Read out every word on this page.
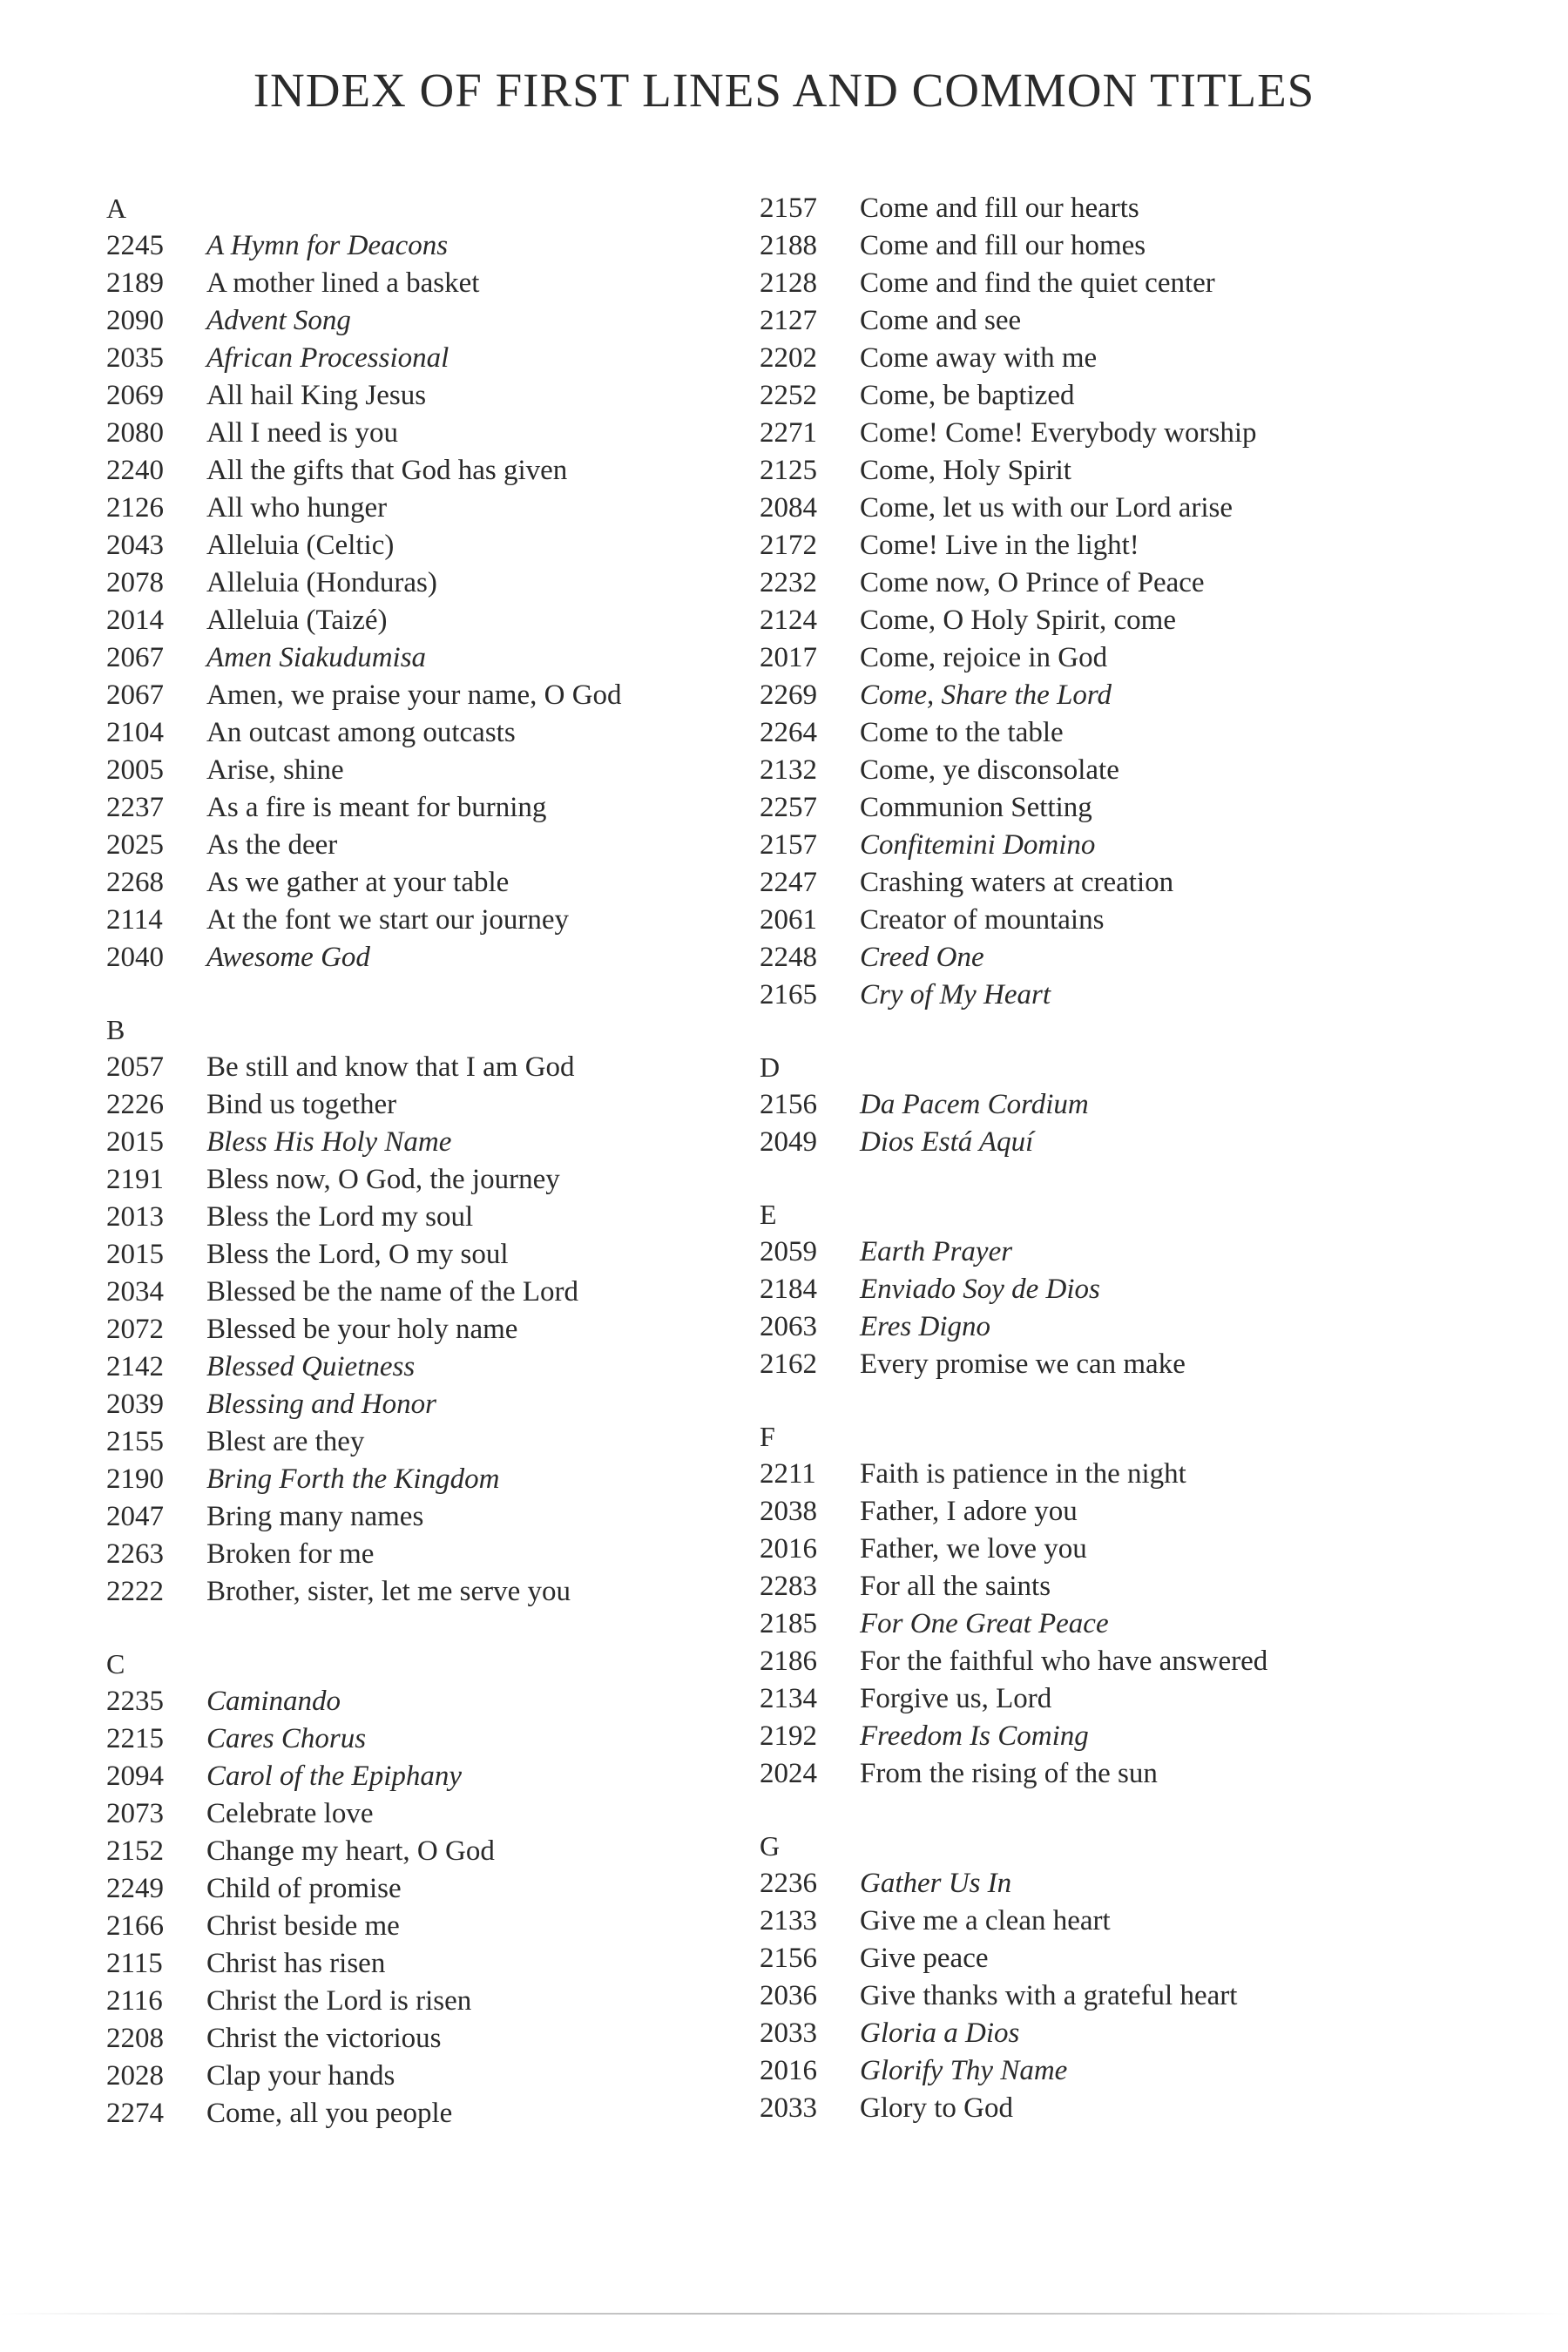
INDEX OF FIRST LINES AND COMMON TITLES
A
2245	A Hymn for Deacons
2189	A mother lined a basket
2090	Advent Song
2035	African Processional
2069	All hail King Jesus
2080	All I need is you
2240	All the gifts that God has given
2126	All who hunger
2043	Alleluia (Celtic)
2078	Alleluia (Honduras)
2014	Alleluia (Taizé)
2067	Amen Siakudumisa
2067	Amen, we praise your name, O God
2104	An outcast among outcasts
2005	Arise, shine
2237	As a fire is meant for burning
2025	As the deer
2268	As we gather at your table
2114	At the font we start our journey
2040	Awesome God
B
2057	Be still and know that I am God
2226	Bind us together
2015	Bless His Holy Name
2191	Bless now, O God, the journey
2013	Bless the Lord my soul
2015	Bless the Lord, O my soul
2034	Blessed be the name of the Lord
2072	Blessed be your holy name
2142	Blessed Quietness
2039	Blessing and Honor
2155	Blest are they
2190	Bring Forth the Kingdom
2047	Bring many names
2263	Broken for me
2222	Brother, sister, let me serve you
C
2235	Caminando
2215	Cares Chorus
2094	Carol of the Epiphany
2073	Celebrate love
2152	Change my heart, O God
2249	Child of promise
2166	Christ beside me
2115	Christ has risen
2116	Christ the Lord is risen
2208	Christ the victorious
2028	Clap your hands
2274	Come, all you people
2157	Come and fill our hearts
2188	Come and fill our homes
2128	Come and find the quiet center
2127	Come and see
2202	Come away with me
2252	Come, be baptized
2271	Come! Come! Everybody worship
2125	Come, Holy Spirit
2084	Come, let us with our Lord arise
2172	Come! Live in the light!
2232	Come now, O Prince of Peace
2124	Come, O Holy Spirit, come
2017	Come, rejoice in God
2269	Come, Share the Lord
2264	Come to the table
2132	Come, ye disconsolate
2257	Communion Setting
2157	Confitemini Domino
2247	Crashing waters at creation
2061	Creator of mountains
2248	Creed One
2165	Cry of My Heart
D
2156	Da Pacem Cordium
2049	Dios Está Aquí
E
2059	Earth Prayer
2184	Enviado Soy de Dios
2063	Eres Digno
2162	Every promise we can make
F
2211	Faith is patience in the night
2038	Father, I adore you
2016	Father, we love you
2283	For all the saints
2185	For One Great Peace
2186	For the faithful who have answered
2134	Forgive us, Lord
2192	Freedom Is Coming
2024	From the rising of the sun
G
2236	Gather Us In
2133	Give me a clean heart
2156	Give peace
2036	Give thanks with a grateful heart
2033	Gloria a Dios
2016	Glorify Thy Name
2033	Glory to God
